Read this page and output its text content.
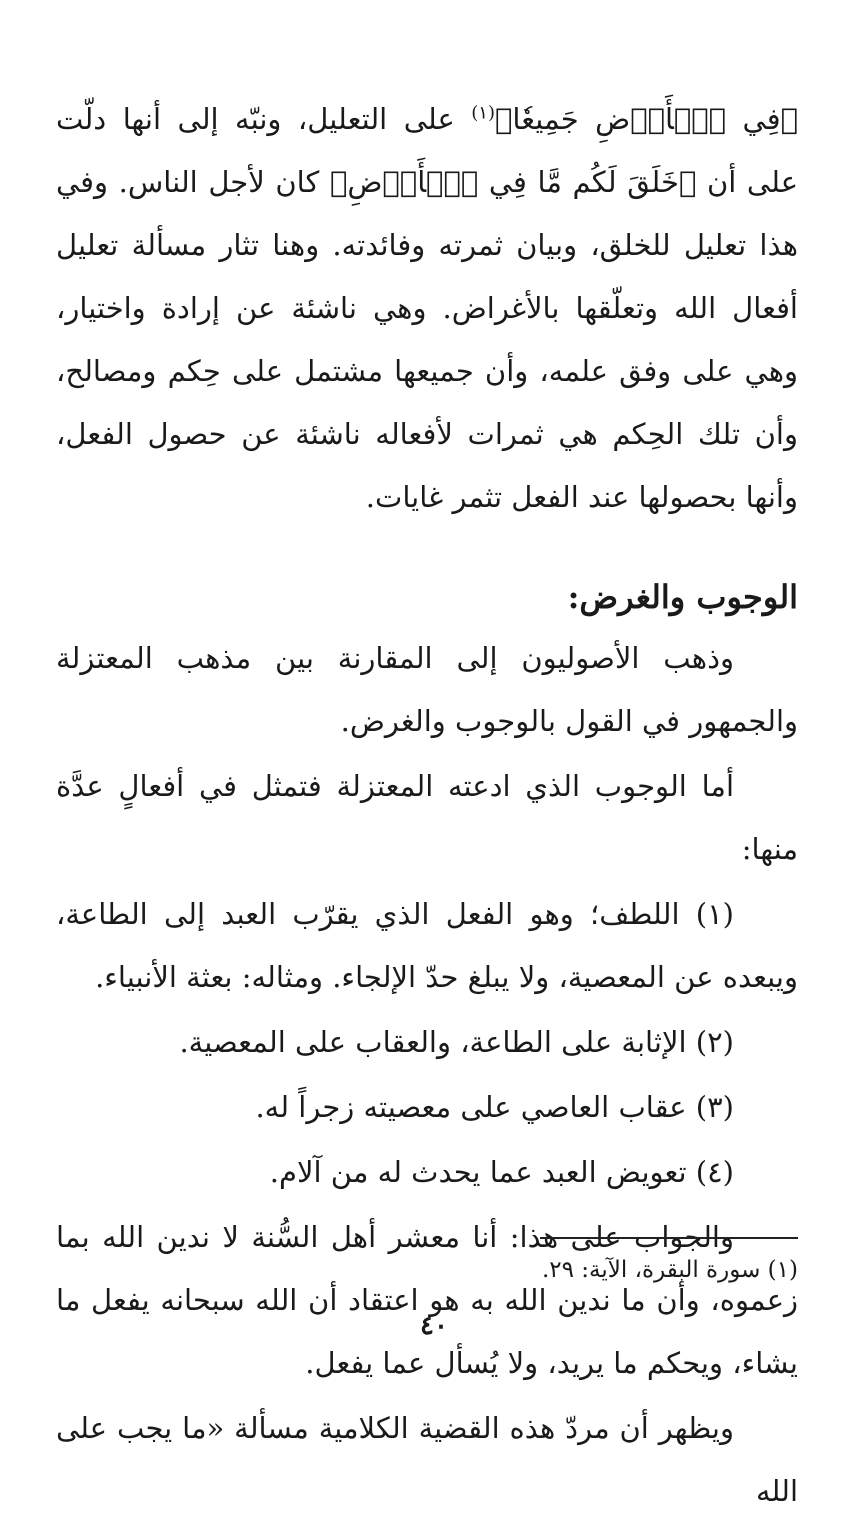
﴿فِي ٱلۡأَرۡضِ جَمِيعٗا﴾$^{(١)}$ على التعليل، ونبّه إلى أنها دلّت على أن ﴿خَلَقَ لَكُم مَّا فِي ٱلۡأَرۡضِ﴾ كان لأجل الناس. وفي هذا تعليل للخلق، وبيان ثمرته وفائدته. وهنا تثار مسألة تعليل أفعال الله وتعلّقها بالأغراض. وهي ناشئة عن إرادة واختيار، وهي على وفق علمه، وأن جميعها مشتمل على حِكم ومصالح، وأن تلك الحِكم هي ثمرات لأفعاله ناشئة عن حصول الفعل، وأنها بحصولها عند الفعل تثمر غايات.

الوجوب والغرض:

وذهب الأصوليون إلى المقارنة بين مذهب المعتزلة والجمهور في القول بالوجوب والغرض.

أما الوجوب الذي ادعته المعتزلة فتمثل في أفعالٍ عدَّة منها:

(١) اللطف؛ وهو الفعل الذي يقرّب العبد إلى الطاعة، ويبعده عن المعصية، ولا يبلغ حدّ الإلجاء. ومثاله: بعثة الأنبياء.

(٢) الإثابة على الطاعة، والعقاب على المعصية.

(٣) عقاب العاصي على معصيته زجراً له.

(٤) تعويض العبد عما يحدث له من آلام.

والجواب على هذا: أنا معشر أهل السُّنة لا ندين الله بما زعموه، وأن ما ندين الله به هو اعتقاد أن الله سبحانه يفعل ما يشاء، ويحكم ما يريد، ولا يُسأل عما يفعل.

ويظهر أن مردّ هذه القضية الكلامية مسألة «ما يجب على الله

(١) سورة البقرة، الآية: ٢٩.

٤٠
